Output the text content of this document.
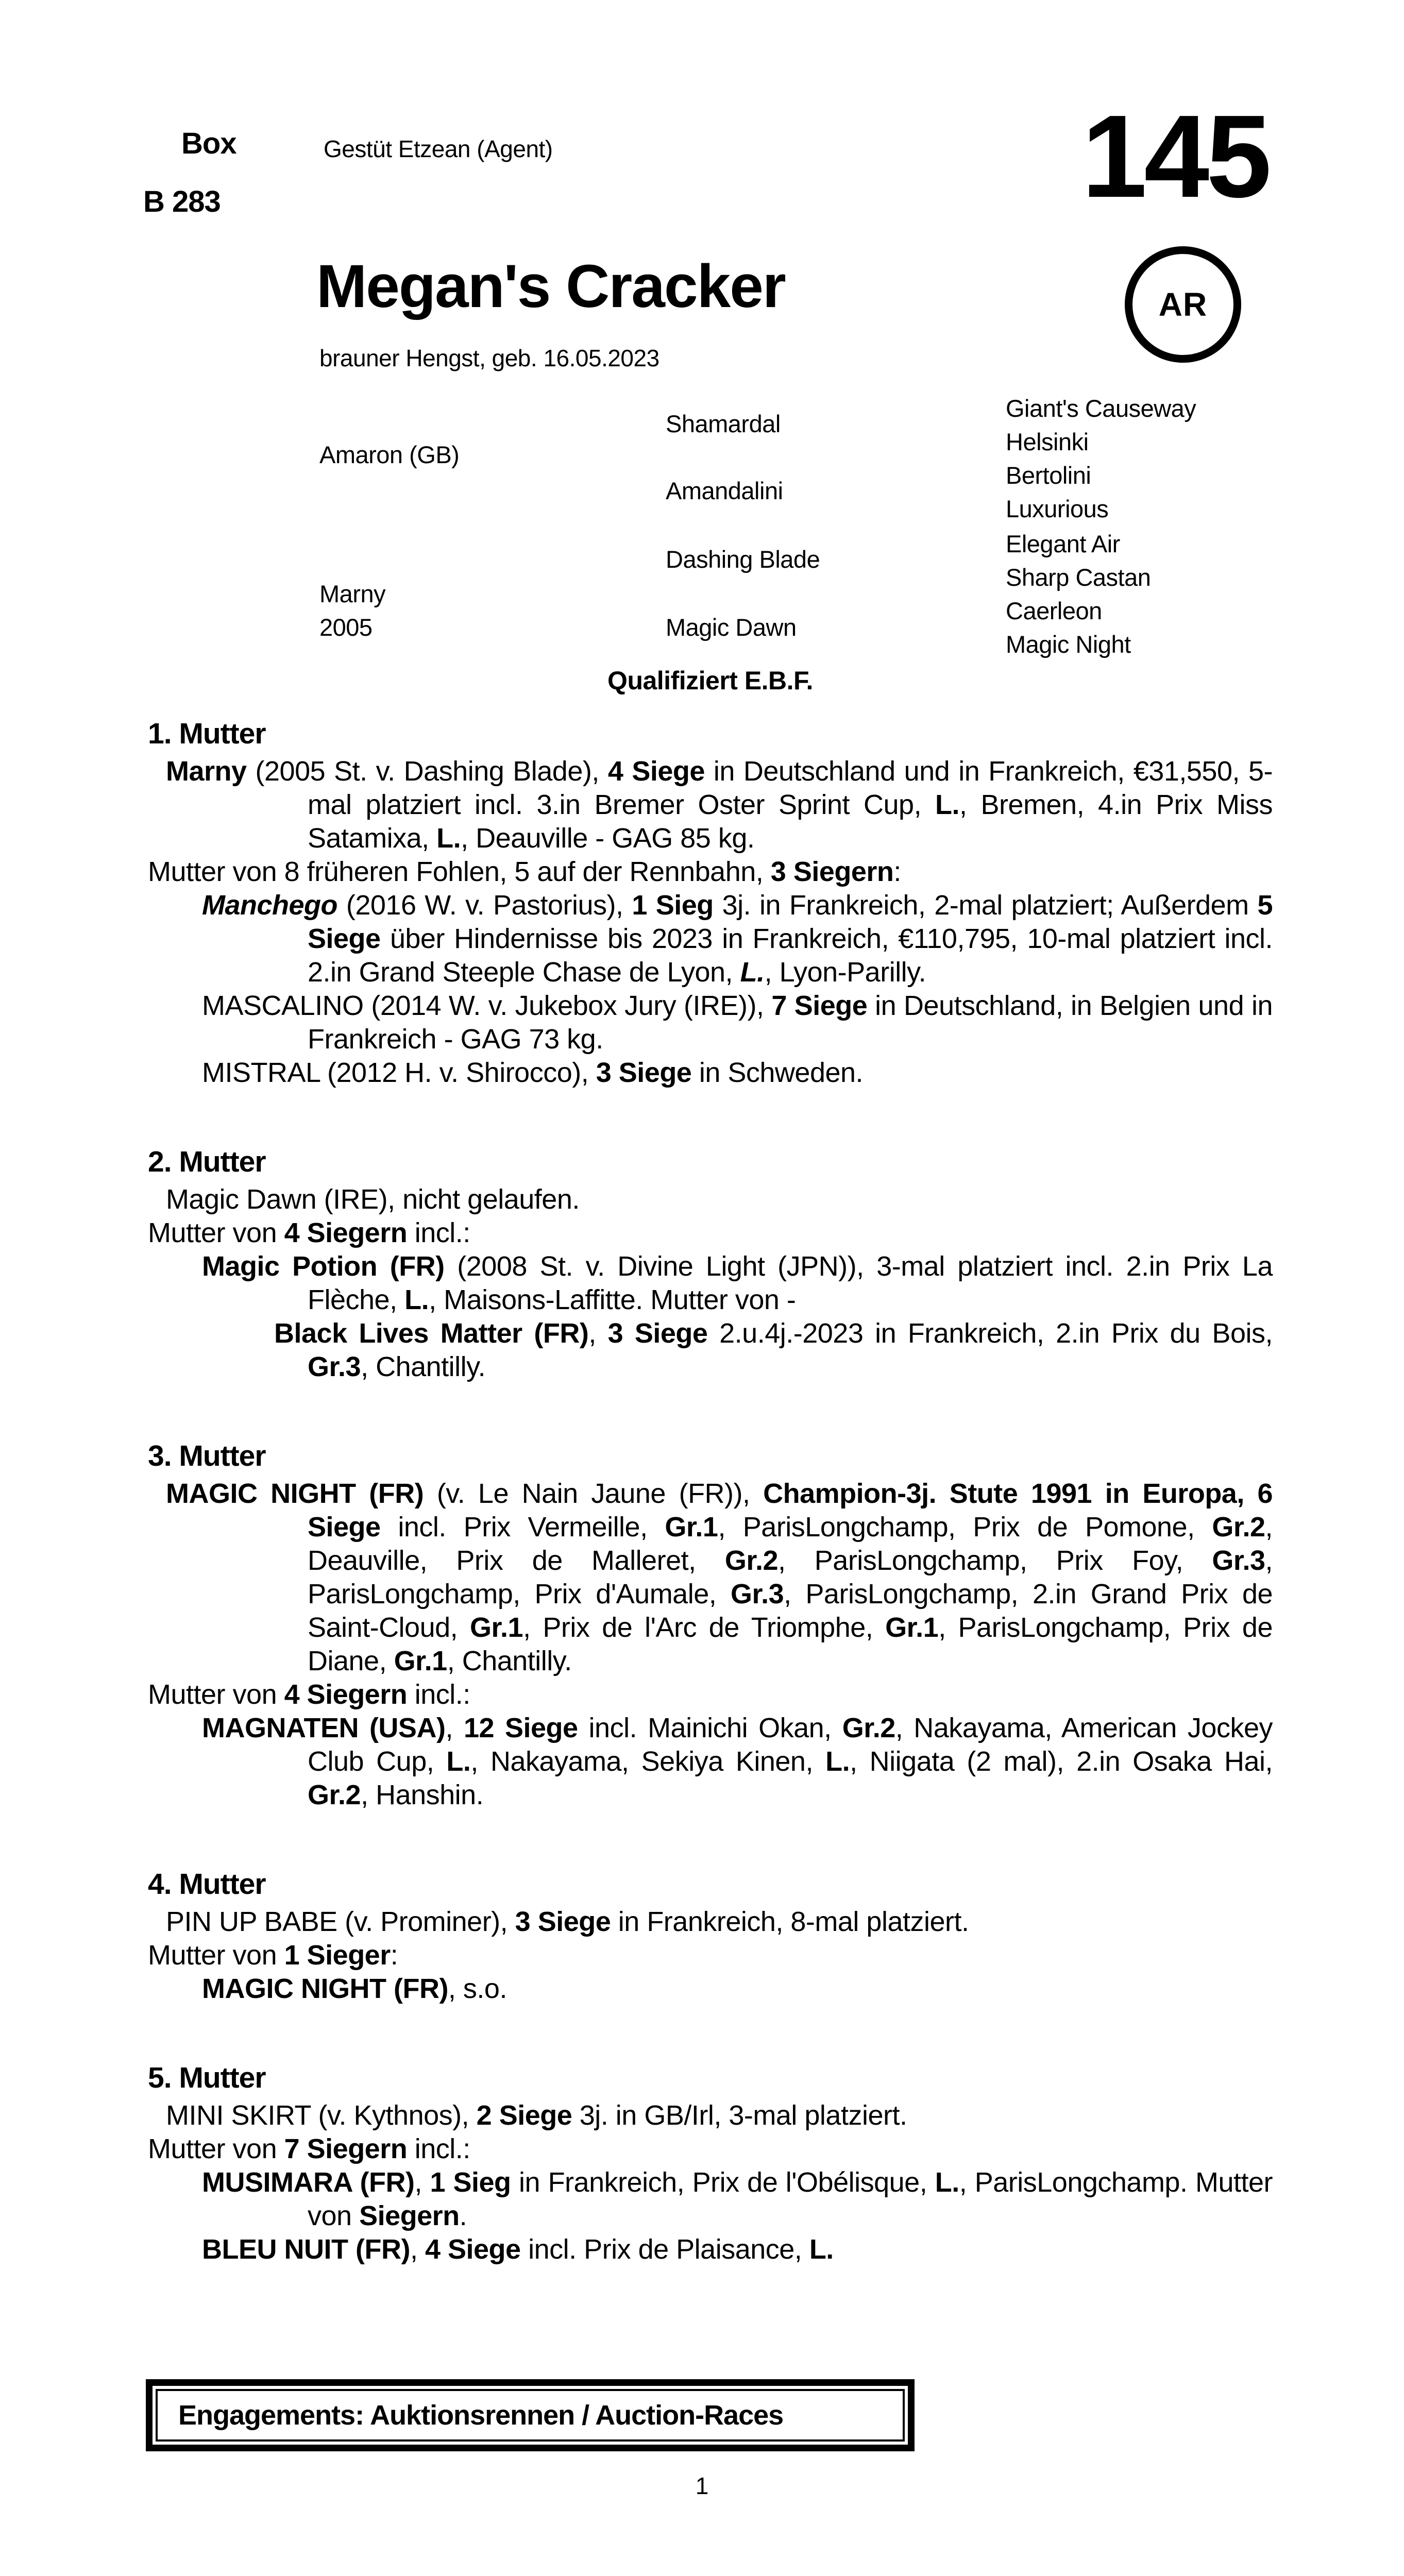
Box
B 283
Gestüt Etzean (Agent)	145
AR
Megan's Cracker
brauner Hengst, geb. 16.05.2023
Amaron (GB)
Marny
2005
Shamardal
Amandalini
Dashing Blade
Magic Dawn
Giant's Causeway
Helsinki
Bertolini
Luxurious
Elegant Air
Sharp Castan
Caerleon
Magic Night
Qualifiziert E.B.F.
1. Mutter

Marny (2005 St. v. Dashing Blade), 4 Siege in Deutschland und in Frankreich, €31,550, 5-mal platziert incl. 3.in Bremer Oster Sprint Cup, L., Bremen, 4.in Prix Miss Satamixa, L., Deauville - GAG 85 kg.

Mutter von 8 früheren Fohlen, 5 auf der Rennbahn, 3 Siegern:

Manchego (2016 W. v. Pastorius), 1 Sieg 3j. in Frankreich, 2-mal platziert; Außerdem 5 Siege über Hindernisse bis 2023 in Frankreich, €110,795, 10-mal platziert incl. 2.in Grand Steeple Chase de Lyon, L., Lyon-Parilly.

MASCALINO (2014 W. v. Jukebox Jury (IRE)), 7 Siege in Deutschland, in Belgien und in Frankreich - GAG 73 kg.

MISTRAL (2012 H. v. Shirocco), 3 Siege in Schweden.

2. Mutter

Magic Dawn (IRE), nicht gelaufen.

Mutter von 4 Siegern incl.:

Magic Potion (FR) (2008 St. v. Divine Light (JPN)), 3-mal platziert incl. 2.in Prix La Flèche, L., Maisons-Laffitte. Mutter von -

Black Lives Matter (FR), 3 Siege 2.u.4j.-2023 in Frankreich, 2.in Prix du Bois, Gr.3, Chantilly.

3. Mutter

MAGIC NIGHT (FR) (v. Le Nain Jaune (FR)), Champion-3j. Stute 1991 in Europa, 6 Siege incl. Prix Vermeille, Gr.1, ParisLongchamp, Prix de Pomone, Gr.2, Deauville, Prix de Malleret, Gr.2, ParisLongchamp, Prix Foy, Gr.3, ParisLongchamp, Prix d'Aumale, Gr.3, ParisLongchamp, 2.in Grand Prix de Saint-Cloud, Gr.1, Prix de l'Arc de Triomphe, Gr.1, ParisLongchamp, Prix de Diane, Gr.1, Chantilly.

Mutter von 4 Siegern incl.:

MAGNATEN (USA), 12 Siege incl. Mainichi Okan, Gr.2, Nakayama, American Jockey Club Cup, L., Nakayama, Sekiya Kinen, L., Niigata (2 mal), 2.in Osaka Hai, Gr.2, Hanshin.

4. Mutter

PIN UP BABE (v. Prominer), 3 Siege in Frankreich, 8-mal platziert.

Mutter von 1 Sieger:

MAGIC NIGHT (FR), s.o.

5. Mutter

MINI SKIRT (v. Kythnos), 2 Siege 3j. in GB/Irl, 3-mal platziert.

Mutter von 7 Siegern incl.:

MUSIMARA (FR), 1 Sieg in Frankreich, Prix de l'Obélisque, L., ParisLongchamp. Mutter von Siegern.

BLEU NUIT (FR), 4 Siege incl. Prix de Plaisance, L.

Engagements: Auktionsrennen / Auction-Races
1
